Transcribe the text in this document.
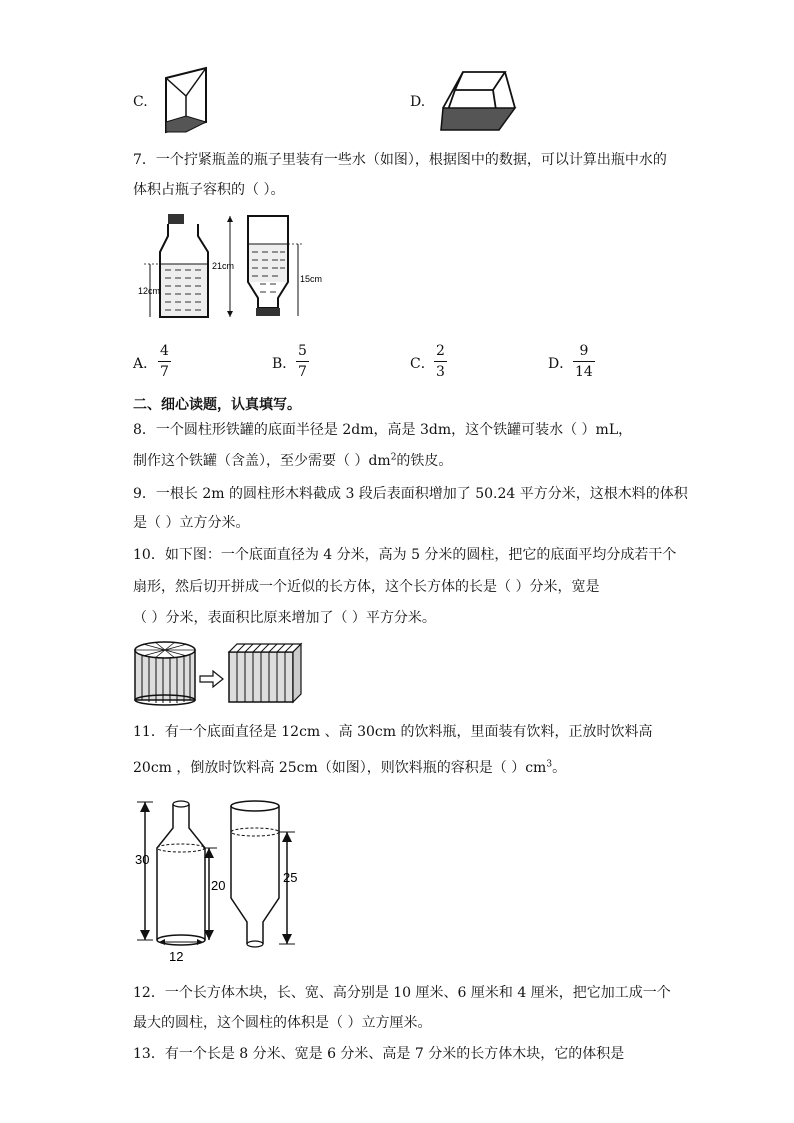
C.	D.
7．一个拧紧瓶盖的瓶子里装有一些水（如图），根据图中的数据，可以计算出瓶中水的
体积占瓶子容积的（ ）。
12cm
21cm
15cm
A．
4
7	B．
5
7	C．
2
3	D．
9
14
二、细心读题，认真填写。
8．一个圆柱形铁罐的底面半径是 2dm，高是 3dm，这个铁罐可装水（ ）mL，
制作这个铁罐（含盖），至少需要（ ）$dm^2$的铁皮。
9．一根长 2m 的圆柱形木料截成 3 段后表面积增加了 50.24 平方分米，这根木料的体积
是（ ）立方分米。
10．如下图：一个底面直径为 4 分米，高为 5 分米的圆柱，把它的底面平均分成若干个
扇形，然后切开拼成一个近似的长方体，这个长方体的长是（ ）分米，宽是
（ ）分米，表面积比原来增加了（ ）平方分米。
11．有一个底面直径是 12cm 、高 30cm 的饮料瓶，里面装有饮料，正放时饮料高
20cm ，倒放时饮料高 25cm（如图），则饮料瓶的容积是（ ）$cm^3$。
30
12
20
25
12．一个长方体木块，长、宽、高分别是 10 厘米、6 厘米和 4 厘米，把它加工成一个
最大的圆柱，这个圆柱的体积是（ ）立方厘米。
13．有一个长是 8 分米、宽是 6 分米、高是 7 分米的长方体木块，它的体积是
